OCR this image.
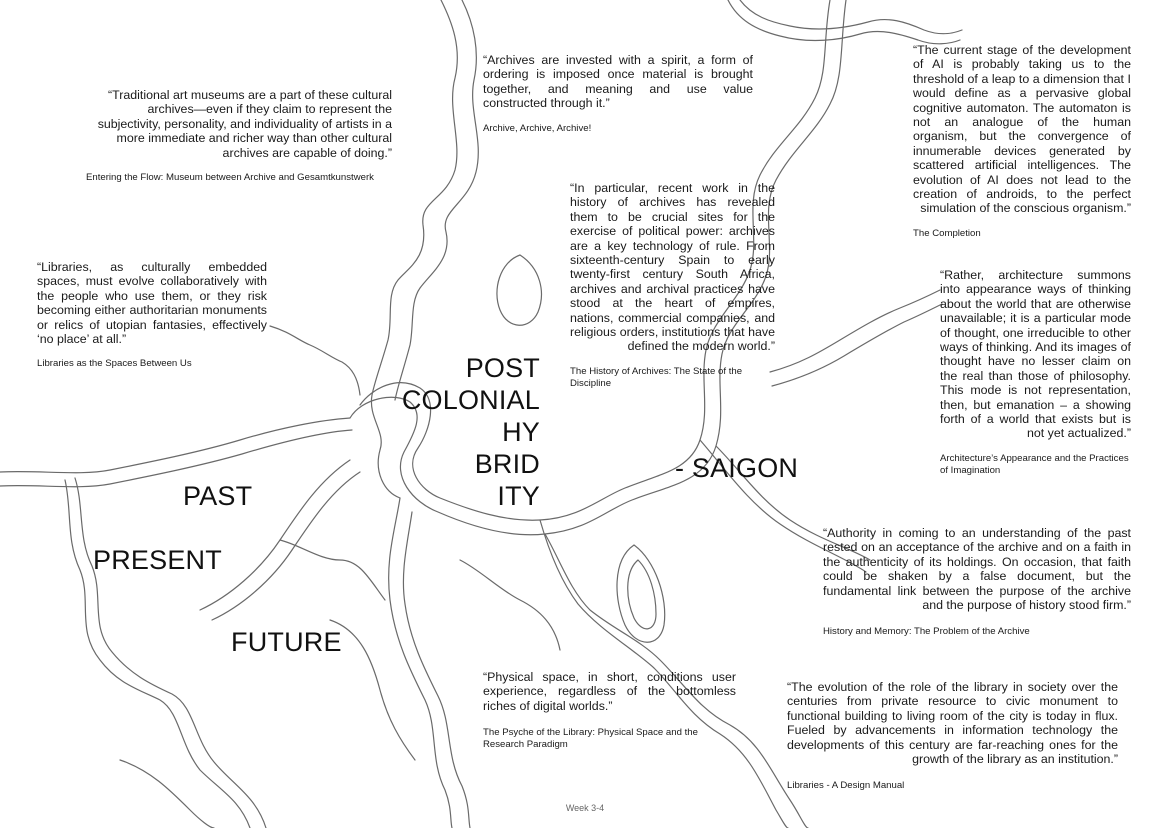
“Traditional art museums are a part of these cultural archives—even if they claim to represent the subjectivity, personality, and individuality of artists in a more immediate and richer way than other cultural archives are capable of doing.”

Entering the Flow: Museum between Archive and Gesamtkunstwerk

“Archives are invested with a spirit, a form of ordering is imposed once material is brought together, and meaning and use value constructed through it.”

Archive, Archive, Archive!

“The current stage of the development of AI is probably taking us to the threshold of a leap to a dimension that I would define as a pervasive global cognitive automaton. The automaton is not an analogue of the human organism, but the convergence of innumerable devices generated by scattered artificial intelligences. The evolution of AI does not lead to the creation of androids, to the perfect simulation of the conscious organism.”

The Completion

“In particular, recent work in the history of archives has revealed them to be crucial sites for the exercise of political power: archives are a key technology of rule. From sixteenth-century Spain to early twenty-first century South Africa, archives and archival practices have stood at the heart of empires, nations, commercial companies, and religious orders, institutions that have defined the modern world.”

The History of Archives: The State of the Discipline

“Libraries, as culturally embedded spaces, must evolve collaboratively with the people who use them, or they risk becoming either authoritarian monuments or relics of utopian fantasies, effectively ‘no place’ at all.”

Libraries as the Spaces Between Us

“Rather, architecture summons into appearance ways of thinking about the world that are otherwise unavailable; it is a particular mode of thought, one irreducible to other ways of thinking. And its images of thought have no lesser claim on the real than those of philosophy. This mode is not representation, then, but emanation – a showing forth of a world that exists but is not yet actualized.”

Architecture’s Appearance and the Practices of Imagination

“Authority in coming to an understanding of the past rested on an acceptance of the archive and on a faith in the authenticity of its holdings. On occasion, that faith could be shaken by a false document, but the fundamental link between the purpose of the archive and the purpose of history stood firm.”

History and Memory: The Problem of the Archive

“Physical space, in short, conditions user experience, regardless of the bottomless riches of digital worlds.”

The Psyche of the Library: Physical Space and the Research Paradigm

“The evolution of the role of the library in society over the centuries from private resource to civic monument to functional building to living room of the city is today in flux. Fueled by advancements in information technology the developments of this century are far-reaching ones for the growth of the library as an institution.”

Libraries - A Design Manual

POST
COLONIAL
HY
BRID
ITY
- SAIGON
PAST
PRESENT
FUTURE
Week 3-4
